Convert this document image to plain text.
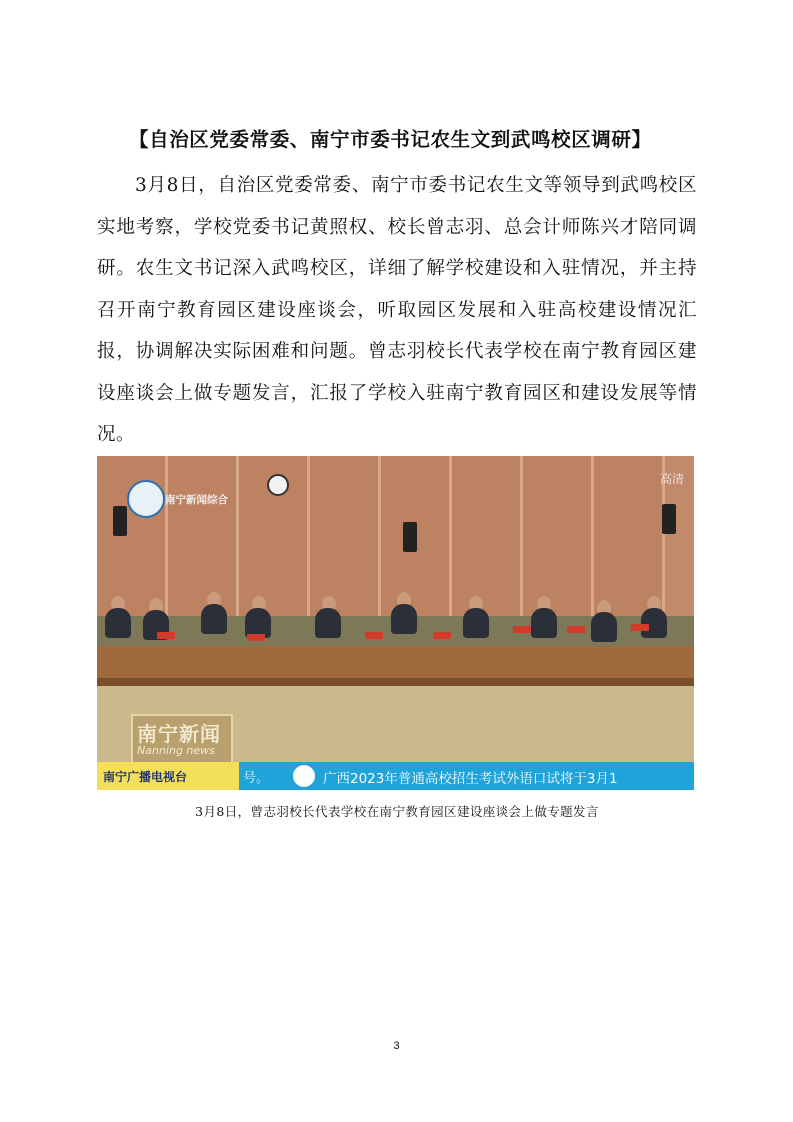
【自治区党委常委、南宁市委书记农生文到武鸣校区调研】
3月8日，自治区党委常委、南宁市委书记农生文等领导到武鸣校区实地考察，学校党委书记黄照权、校长曾志羽、总会计师陈兴才陪同调研。农生文书记深入武鸣校区，详细了解学校建设和入驻情况，并主持召开南宁教育园区建设座谈会，听取园区发展和入驻高校建设情况汇报，协调解决实际困难和问题。曾志羽校长代表学校在南宁教育园区建设座谈会上做专题发言，汇报了学校入驻南宁教育园区和建设发展等情况。
南宁新闻综合
高清
南宁新闻
Nanning news
南宁广播电视台	号。	广西2023年普通高校招生考试外语口试将于3月1
3月8日，曾志羽校长代表学校在南宁教育园区建设座谈会上做专题发言
3
